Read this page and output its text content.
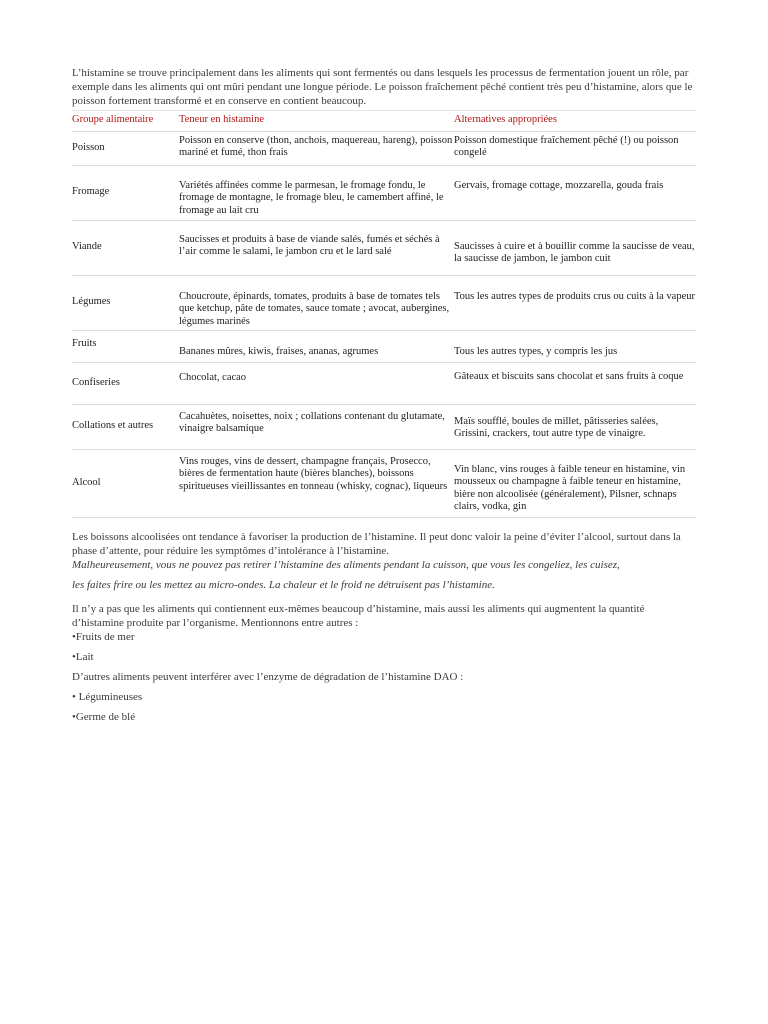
L’histamine se trouve principalement dans les aliments qui sont fermentés ou dans lesquels les processus de fermentation jouent un rôle, par exemple dans les aliments qui ont mûri pendant une longue période. Le poisson fraîchement pêché contient très peu d’histamine, alors que le poisson fortement transformé et en conserve en contient beaucoup.

Groupe alimentaire	Teneur en histamine	Alternatives appropriées
Poisson	Poisson en conserve (thon, anchois, maquereau, hareng), poisson mariné et fumé, thon frais	Poisson domestique fraîchement pêché (!) ou poisson congelé

Fromage	Variétés affinées comme le parmesan, le fromage fondu, le fromage de montagne, le fromage bleu, le camembert affiné, le fromage au lait cru	Gervais, fromage cottage, mozzarella, gouda frais

Viande	Saucisses et produits à base de viande salés, fumés et séchés à l’air comme le salami, le jambon cru et le lard salé	Saucisses à cuire et à bouillir comme la saucisse de veau, la saucisse de jambon, le jambon cuit

Légumes	Choucroute, épinards, tomates, produits à base de tomates tels que ketchup, pâte de tomates, sauce tomate ; avocat, aubergines, légumes marinés	Tous les autres types de produits crus ou cuits à la vapeur

Fruits	Bananes mûres, kiwis, fraises, ananas, agrumes	Tous les autres types, y compris les jus

Confiseries	Chocolat, cacao	Gâteaux et biscuits sans chocolat et sans fruits à coque

Collations et autres	Cacahuètes, noisettes, noix ; collations contenant du glutamate, vinaigre balsamique	Maïs soufflé, boules de millet, pâtisseries salées, Grissini, crackers, tout autre type de vinaigre.

Alcool	Vins rouges, vins de dessert, champagne français, Prosecco, bières de fermentation haute (bières blanches), boissons spiritueuses vieillissantes en tonneau (whisky, cognac), liqueurs	Vin blanc, vins rouges à faible teneur en histamine, vin mousseux ou champagne à faible teneur en histamine, bière non alcoolisée (généralement), Pilsner, schnaps clairs, vodka, gin

Les boissons alcoolisées ont tendance à favoriser la production de l’histamine. Il peut donc valoir la peine d’éviter l’alcool, surtout dans la phase d’attente, pour réduire les symptômes d’intolérance à l’histamine.

Malheureusement, vous ne pouvez pas retirer l’histamine des aliments pendant la cuisson, que vous les congeliez, les cuisez,

les faites frire ou les mettez au micro-ondes. La chaleur et le froid ne détruisent pas l’histamine.

Il n’y a pas que les aliments qui contiennent eux-mêmes beaucoup d’histamine, mais aussi les aliments qui augmentent la quantité d’histamine produite par l’organisme. Mentionnons entre autres :

•Fruits de mer

•Lait

D’autres aliments peuvent interférer avec l’enzyme de dégradation de l’histamine DAO :

• Légumineuses

•Germe de blé
